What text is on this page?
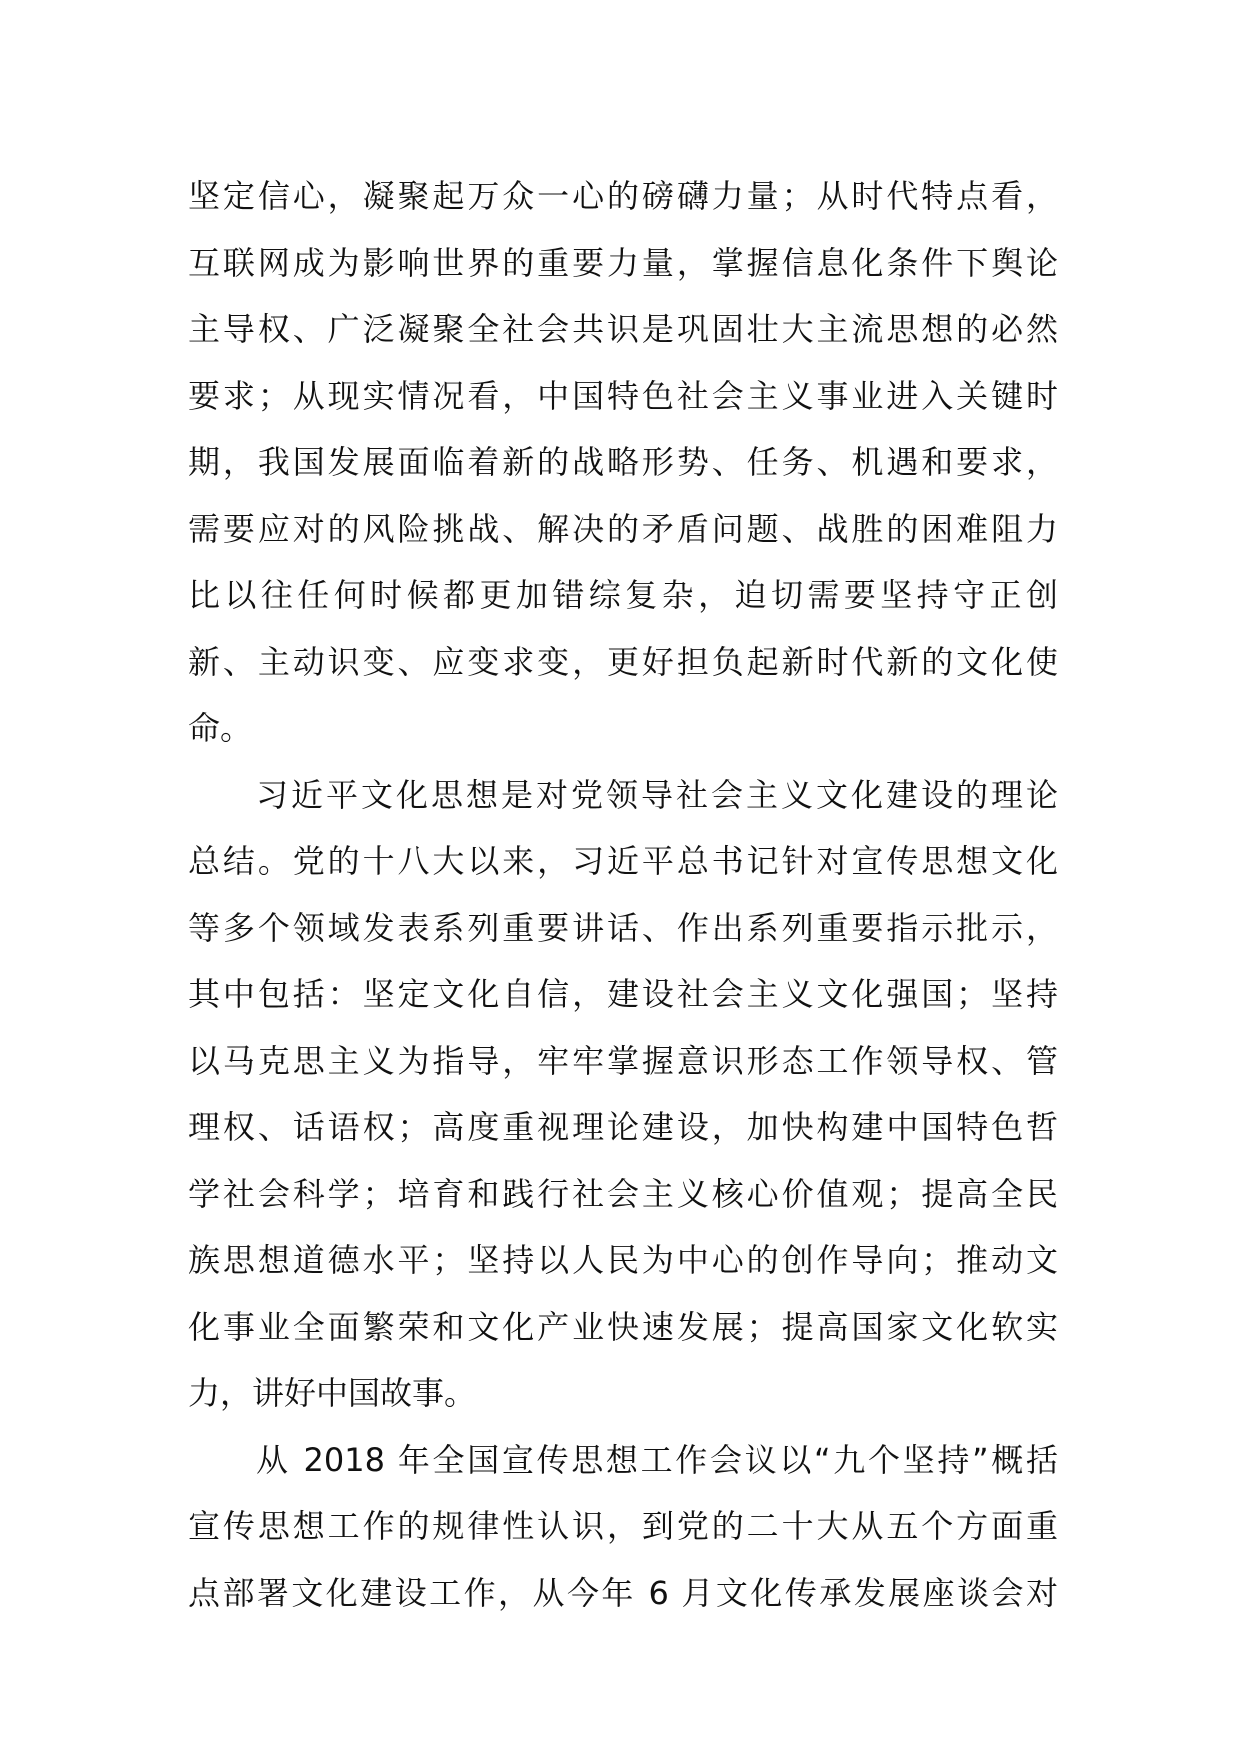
坚定信心，凝聚起万众一心的磅礴力量；从时代特点看，
互联网成为影响世界的重要力量，掌握信息化条件下舆论
主导权、广泛凝聚全社会共识是巩固壮大主流思想的必然
要求；从现实情况看，中国特色社会主义事业进入关键时
期，我国发展面临着新的战略形势、任务、机遇和要求，
需要应对的风险挑战、解决的矛盾问题、战胜的困难阻力
比以往任何时候都更加错综复杂，迫切需要坚持守正创
新、主动识变、应变求变，更好担负起新时代新的文化使
命。
习近平文化思想是对党领导社会主义文化建设的理论
总结。党的十八大以来，习近平总书记针对宣传思想文化
等多个领域发表系列重要讲话、作出系列重要指示批示，
其中包括：坚定文化自信，建设社会主义文化强国；坚持
以马克思主义为指导，牢牢掌握意识形态工作领导权、管
理权、话语权；高度重视理论建设，加快构建中国特色哲
学社会科学；培育和践行社会主义核心价值观；提高全民
族思想道德水平；坚持以人民为中心的创作导向；推动文
化事业全面繁荣和文化产业快速发展；提高国家文化软实
力，讲好中国故事。
从 2018 年全国宣传思想工作会议以“九个坚持”概括
宣传思想工作的规律性认识，到党的二十大从五个方面重
点部署文化建设工作，从今年 6 月文化传承发展座谈会对
